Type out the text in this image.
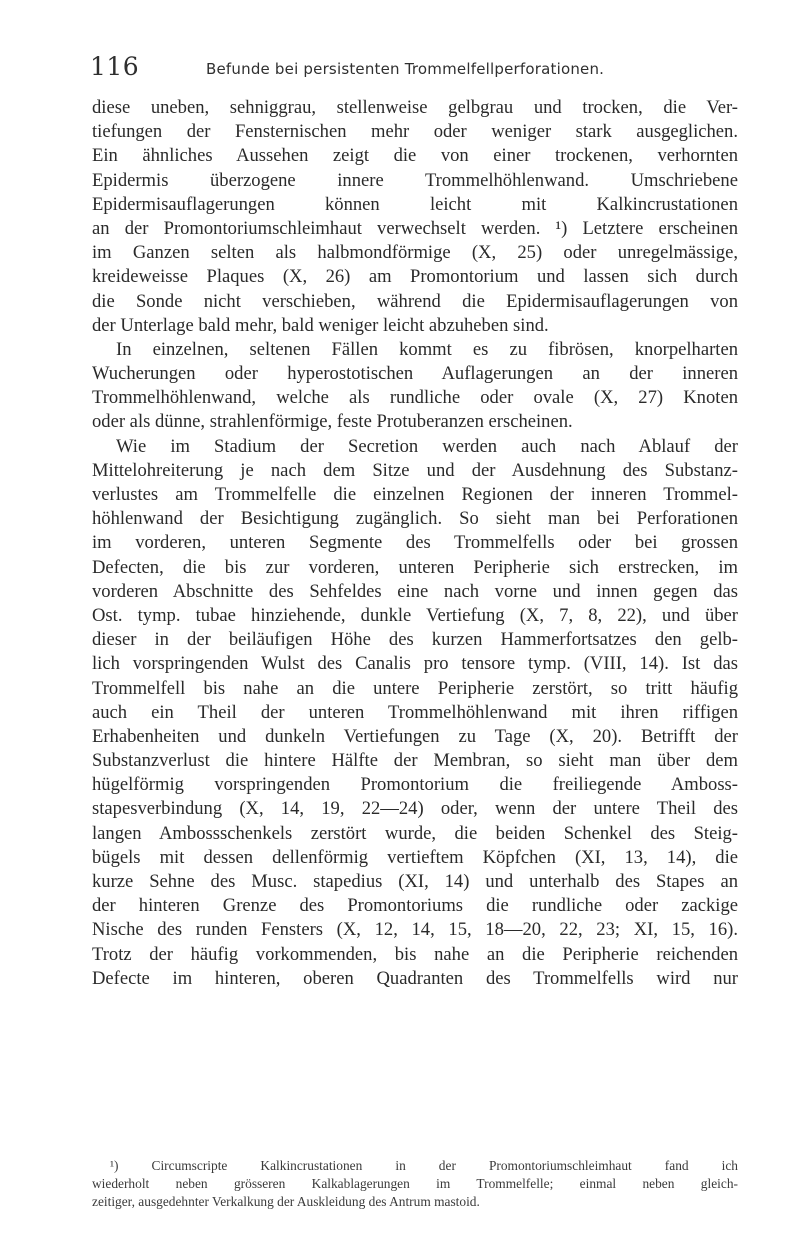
116	Befunde bei persistenten Trommelfellperforationen.
diese uneben, sehniggrau, stellenweise gelbgrau und trocken, die Ver-
tiefungen der Fensternischen mehr oder weniger stark ausgeglichen.
Ein ähnliches Aussehen zeigt die von einer trockenen, verhornten
Epidermis überzogene innere Trommelhöhlenwand. Umschriebene
Epidermisauflagerungen können leicht mit Kalkincrustationen
an der Promontoriumschleimhaut verwechselt werden. ¹) Letztere erscheinen
im Ganzen selten als halbmondförmige (X, 25) oder unregelmässige,
kreideweisse Plaques (X, 26) am Promontorium und lassen sich durch
die Sonde nicht verschieben, während die Epidermisauflagerungen von
der Unterlage bald mehr, bald weniger leicht abzuheben sind.
In einzelnen, seltenen Fällen kommt es zu fibrösen, knorpelharten
Wucherungen oder hyperostotischen Auflagerungen an der inneren
Trommelhöhlenwand, welche als rundliche oder ovale (X, 27) Knoten
oder als dünne, strahlenförmige, feste Protuberanzen erscheinen.
Wie im Stadium der Secretion werden auch nach Ablauf der
Mittelohreiterung je nach dem Sitze und der Ausdehnung des Substanz-
verlustes am Trommelfelle die einzelnen Regionen der inneren Trommel-
höhlenwand der Besichtigung zugänglich. So sieht man bei Perforationen
im vorderen, unteren Segmente des Trommelfells oder bei grossen
Defecten, die bis zur vorderen, unteren Peripherie sich erstrecken, im
vorderen Abschnitte des Sehfeldes eine nach vorne und innen gegen das
Ost. tymp. tubae hinziehende, dunkle Vertiefung (X, 7, 8, 22), und über
dieser in der beiläufigen Höhe des kurzen Hammerfortsatzes den gelb-
lich vorspringenden Wulst des Canalis pro tensore tymp. (VIII, 14). Ist das
Trommelfell bis nahe an die untere Peripherie zerstört, so tritt häufig
auch ein Theil der unteren Trommelhöhlenwand mit ihren riffigen
Erhabenheiten und dunkeln Vertiefungen zu Tage (X, 20). Betrifft der
Substanzverlust die hintere Hälfte der Membran, so sieht man über dem
hügelförmig vorspringenden Promontorium die freiliegende Amboss-
stapesverbindung (X, 14, 19, 22—24) oder, wenn der untere Theil des
langen Ambossschenkels zerstört wurde, die beiden Schenkel des Steig-
bügels mit dessen dellenförmig vertieftem Köpfchen (XI, 13, 14), die
kurze Sehne des Musc. stapedius (XI, 14) und unterhalb des Stapes an
der hinteren Grenze des Promontoriums die rundliche oder zackige
Nische des runden Fensters (X, 12, 14, 15, 18—20, 22, 23; XI, 15, 16).
Trotz der häufig vorkommenden, bis nahe an die Peripherie reichenden
Defecte im hinteren, oberen Quadranten des Trommelfells wird nur
¹) Circumscripte Kalkincrustationen in der Promontoriumschleimhaut fand ich
wiederholt neben grösseren Kalkablagerungen im Trommelfelle; einmal neben gleich-
zeitiger, ausgedehnter Verkalkung der Auskleidung des Antrum mastoid.
